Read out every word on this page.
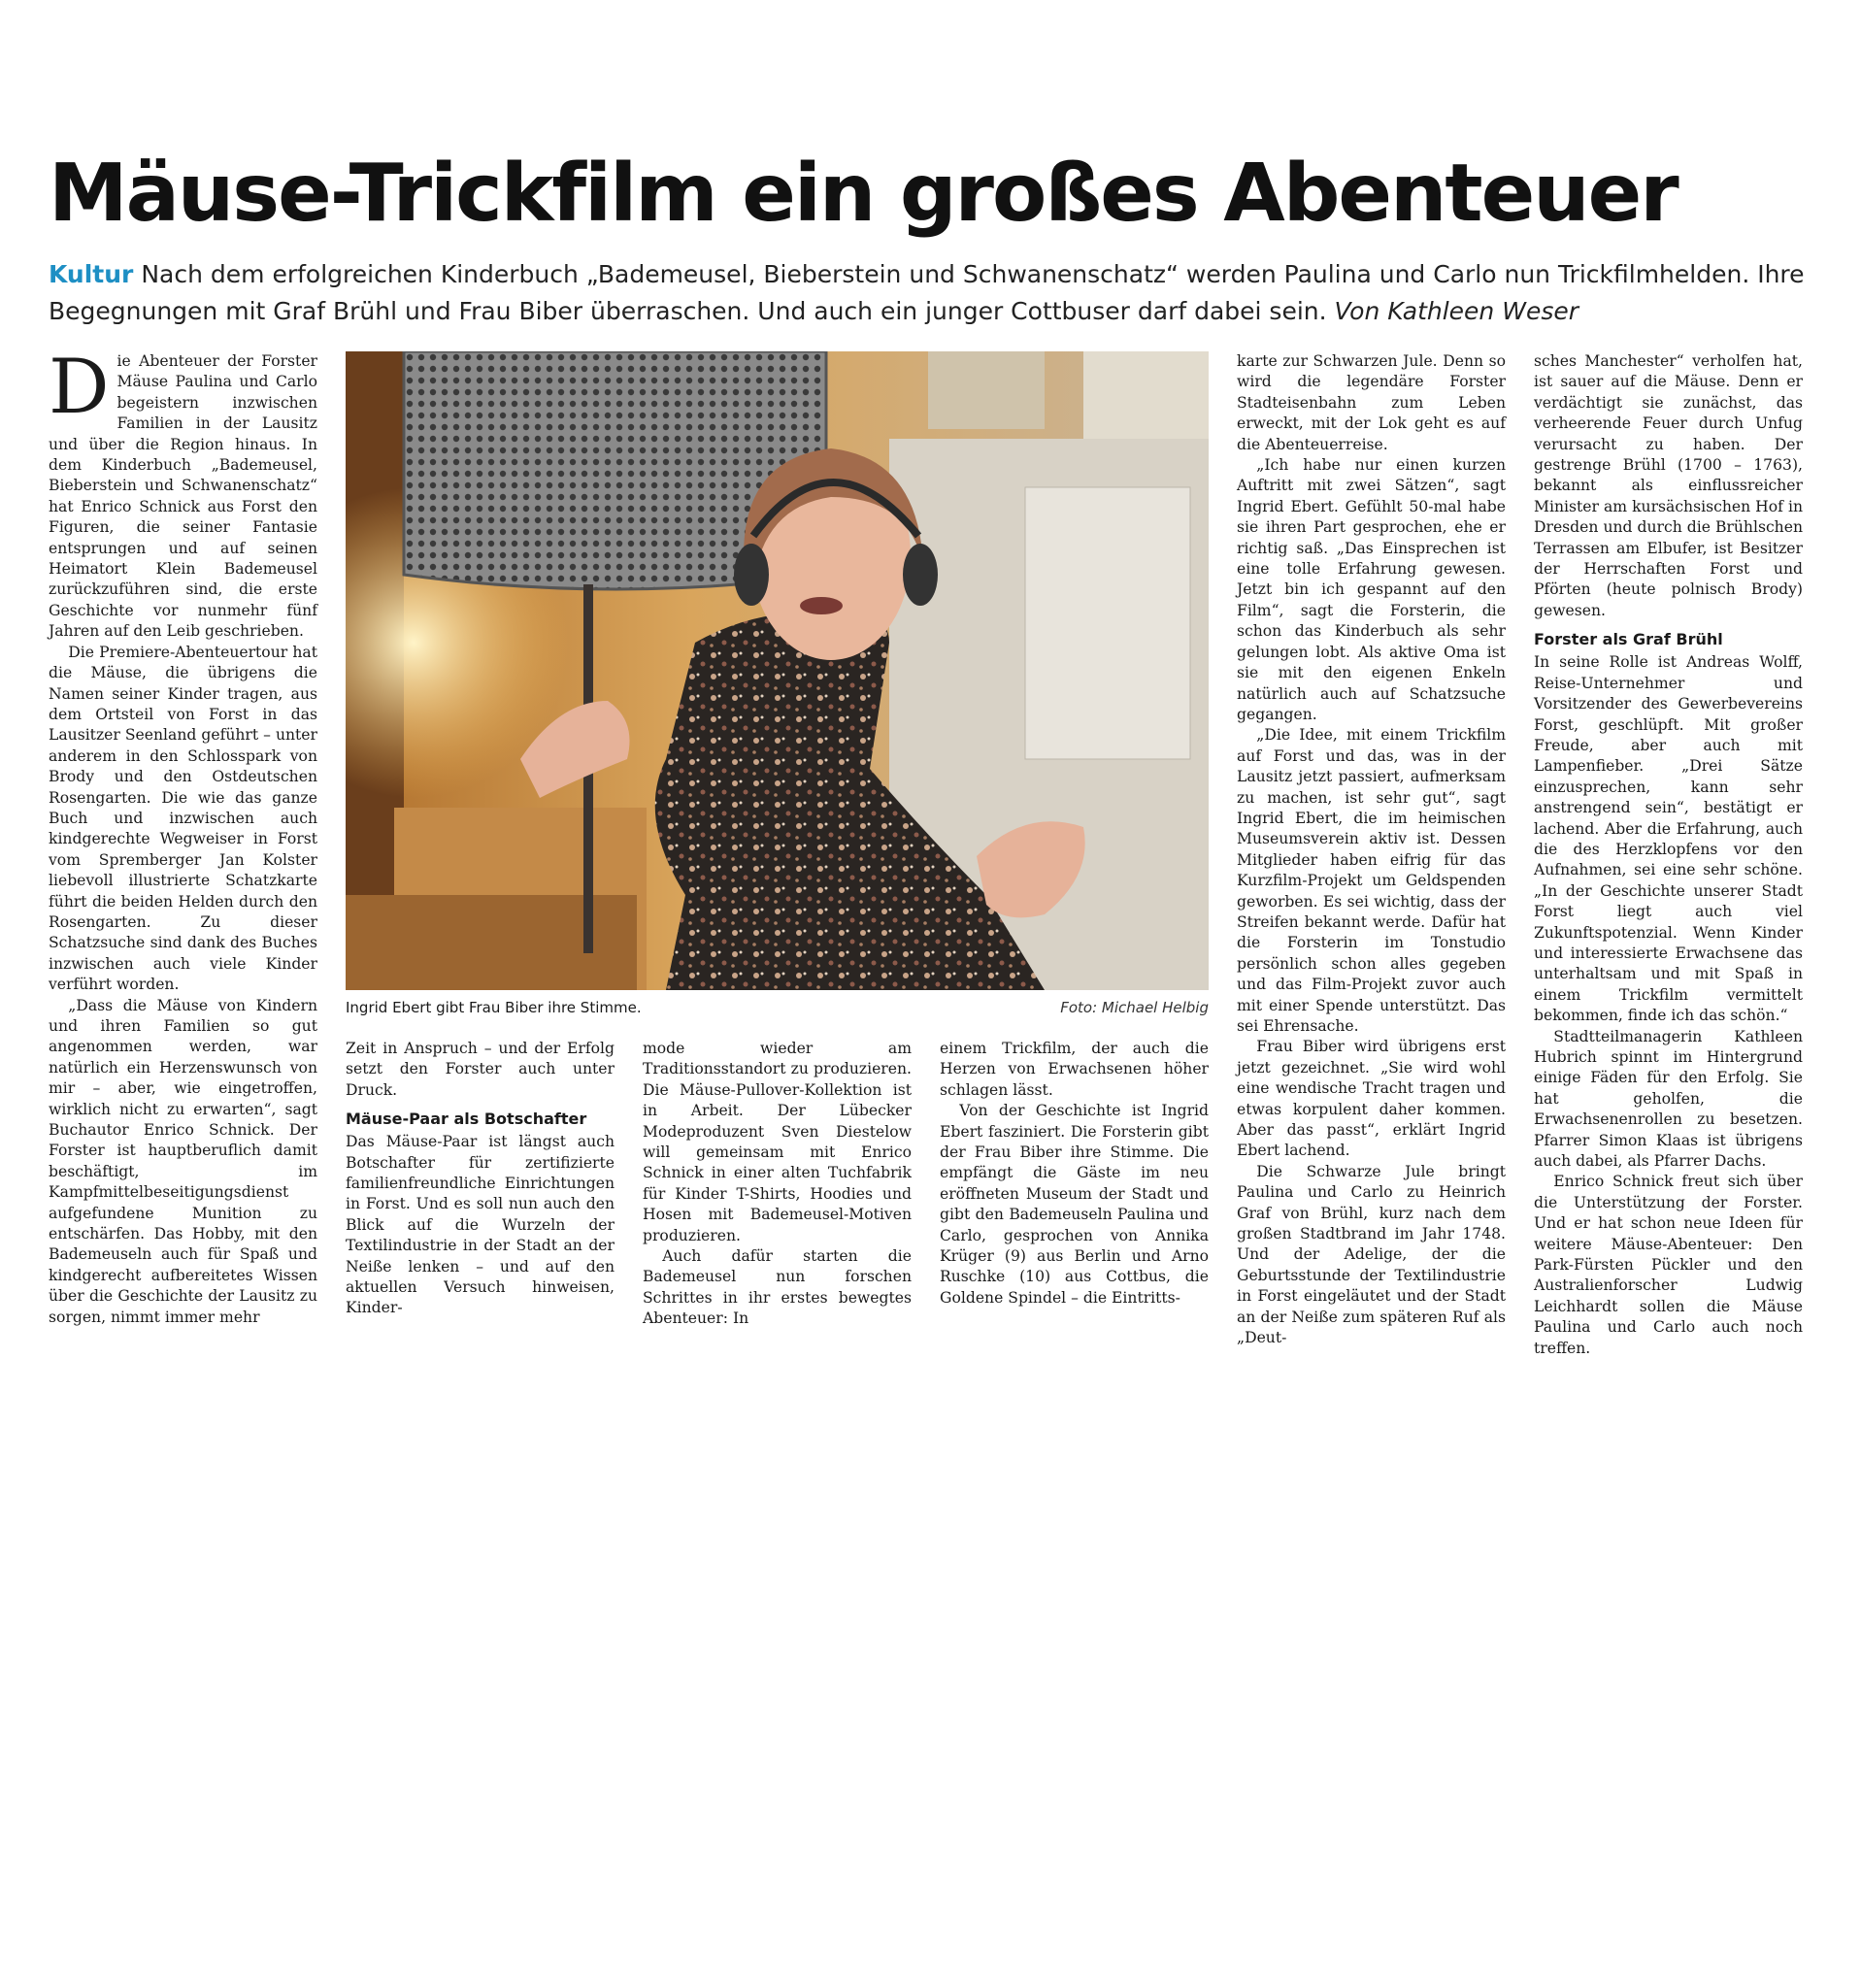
Mäuse-Trickfilm ein großes Abenteuer
Kultur Nach dem erfolgreichen Kinderbuch „Bademeusel, Bieberstein und Schwanenschatz“ werden Paulina und Carlo nun Trickfilmhelden. Ihre Begegnungen mit Graf Brühl und Frau Biber überraschen. Und auch ein junger Cottbuser darf dabei sein. Von Kathleen Weser

Die Abenteuer der Forster Mäuse Paulina und Carlo begeistern inzwischen Familien in der Lausitz und über die Region hinaus. In dem Kinderbuch „Bademeusel, Bieberstein und Schwanenschatz“ hat Enrico Schnick aus Forst den Figuren, die seiner Fantasie entsprungen und auf seinen Heimatort Klein Bademeusel zurückzuführen sind, die erste Geschichte vor nunmehr fünf Jahren auf den Leib geschrieben.

Die Premiere-Abenteuertour hat die Mäuse, die übrigens die Namen seiner Kinder tragen, aus dem Ortsteil von Forst in das Lausitzer Seenland geführt – unter anderem in den Schlosspark von Brody und den Ostdeutschen Rosengarten. Die wie das ganze Buch und inzwischen auch kindgerechte Wegweiser in Forst vom Spremberger Jan Kolster liebevoll illustrierte Schatzkarte führt die beiden Helden durch den Rosengarten. Zu dieser Schatzsuche sind dank des Buches inzwischen auch viele Kinder verführt worden.

„Dass die Mäuse von Kindern und ihren Familien so gut angenommen werden, war natürlich ein Herzenswunsch von mir – aber, wie eingetroffen, wirklich nicht zu erwarten“, sagt Buchautor Enrico Schnick. Der Forster ist hauptberuflich damit beschäftigt, im Kampfmittelbeseitigungsdienst aufgefundene Munition zu entschärfen. Das Hobby, mit den Bademeuseln auch für Spaß und kindgerecht aufbereitetes Wissen über die Geschichte der Lausitz zu sorgen, nimmt immer mehr

Ingrid Ebert gibt Frau Biber ihre Stimme.	Foto: Michael Helbig

Zeit in Anspruch – und der Erfolg setzt den Forster auch unter Druck.

Mäuse-Paar als Botschafter

Das Mäuse-Paar ist längst auch Botschafter für zertifizierte familienfreundliche Einrichtungen in Forst. Und es soll nun auch den Blick auf die Wurzeln der Textilindustrie in der Stadt an der Neiße lenken – und auf den aktuellen Versuch hinweisen, Kinder-

mode wieder am Traditionsstandort zu produzieren. Die Mäuse-Pullover-Kollektion ist in Arbeit. Der Lübecker Modeproduzent Sven Diestelow will gemeinsam mit Enrico Schnick in einer alten Tuchfabrik für Kinder T-Shirts, Hoodies und Hosen mit Bademeusel-Motiven produzieren.

Auch dafür starten die Bademeusel nun forschen Schrittes in ihr erstes bewegtes Abenteuer: In

einem Trickfilm, der auch die Herzen von Erwachsenen höher schlagen lässt.

Von der Geschichte ist Ingrid Ebert fasziniert. Die Forsterin gibt der Frau Biber ihre Stimme. Die empfängt die Gäste im neu eröffneten Museum der Stadt und gibt den Bademeuseln Paulina und Carlo, gesprochen von Annika Krüger (9) aus Berlin und Arno Ruschke (10) aus Cottbus, die Goldene Spindel – die Eintritts-

karte zur Schwarzen Jule. Denn so wird die legendäre Forster Stadteisenbahn zum Leben erweckt, mit der Lok geht es auf die Abenteuerreise.

„Ich habe nur einen kurzen Auftritt mit zwei Sätzen“, sagt Ingrid Ebert. Gefühlt 50-mal habe sie ihren Part gesprochen, ehe er richtig saß. „Das Einsprechen ist eine tolle Erfahrung gewesen. Jetzt bin ich gespannt auf den Film“, sagt die Forsterin, die schon das Kinderbuch als sehr gelungen lobt. Als aktive Oma ist sie mit den eigenen Enkeln natürlich auch auf Schatzsuche gegangen.

„Die Idee, mit einem Trickfilm auf Forst und das, was in der Lausitz jetzt passiert, aufmerksam zu machen, ist sehr gut“, sagt Ingrid Ebert, die im heimischen Museumsverein aktiv ist. Dessen Mitglieder haben eifrig für das Kurzfilm-Projekt um Geldspenden geworben. Es sei wichtig, dass der Streifen bekannt werde. Dafür hat die Forsterin im Tonstudio persönlich schon alles gegeben und das Film-Projekt zuvor auch mit einer Spende unterstützt. Das sei Ehrensache.

Frau Biber wird übrigens erst jetzt gezeichnet. „Sie wird wohl eine wendische Tracht tragen und etwas korpulent daher kommen. Aber das passt“, erklärt Ingrid Ebert lachend.

Die Schwarze Jule bringt Paulina und Carlo zu Heinrich Graf von Brühl, kurz nach dem großen Stadtbrand im Jahr 1748. Und der Adelige, der die Geburtsstunde der Textilindustrie in Forst eingeläutet und der Stadt an der Neiße zum späteren Ruf als „Deut-

sches Manchester“ verholfen hat, ist sauer auf die Mäuse. Denn er verdächtigt sie zunächst, das verheerende Feuer durch Unfug verursacht zu haben. Der gestrenge Brühl (1700 – 1763), bekannt als einflussreicher Minister am kursächsischen Hof in Dresden und durch die Brühlschen Terrassen am Elbufer, ist Besitzer der Herrschaften Forst und Pförten (heute polnisch Brody) gewesen.

Forster als Graf Brühl

In seine Rolle ist Andreas Wolff, Reise-Unternehmer und Vorsitzender des Gewerbevereins Forst, geschlüpft. Mit großer Freude, aber auch mit Lampenfieber. „Drei Sätze einzusprechen, kann sehr anstrengend sein“, bestätigt er lachend. Aber die Erfahrung, auch die des Herzklopfens vor den Aufnahmen, sei eine sehr schöne. „In der Geschichte unserer Stadt Forst liegt auch viel Zukunftspotenzial. Wenn Kinder und interessierte Erwachsene das unterhaltsam und mit Spaß in einem Trickfilm vermittelt bekommen, finde ich das schön.“

Stadtteilmanagerin Kathleen Hubrich spinnt im Hintergrund einige Fäden für den Erfolg. Sie hat geholfen, die Erwachsenenrollen zu besetzen. Pfarrer Simon Klaas ist übrigens auch dabei, als Pfarrer Dachs.

Enrico Schnick freut sich über die Unterstützung der Forster. Und er hat schon neue Ideen für weitere Mäuse-Abenteuer: Den Park-Fürsten Pückler und den Australienforscher Ludwig Leichhardt sollen die Mäuse Paulina und Carlo auch noch treffen.
